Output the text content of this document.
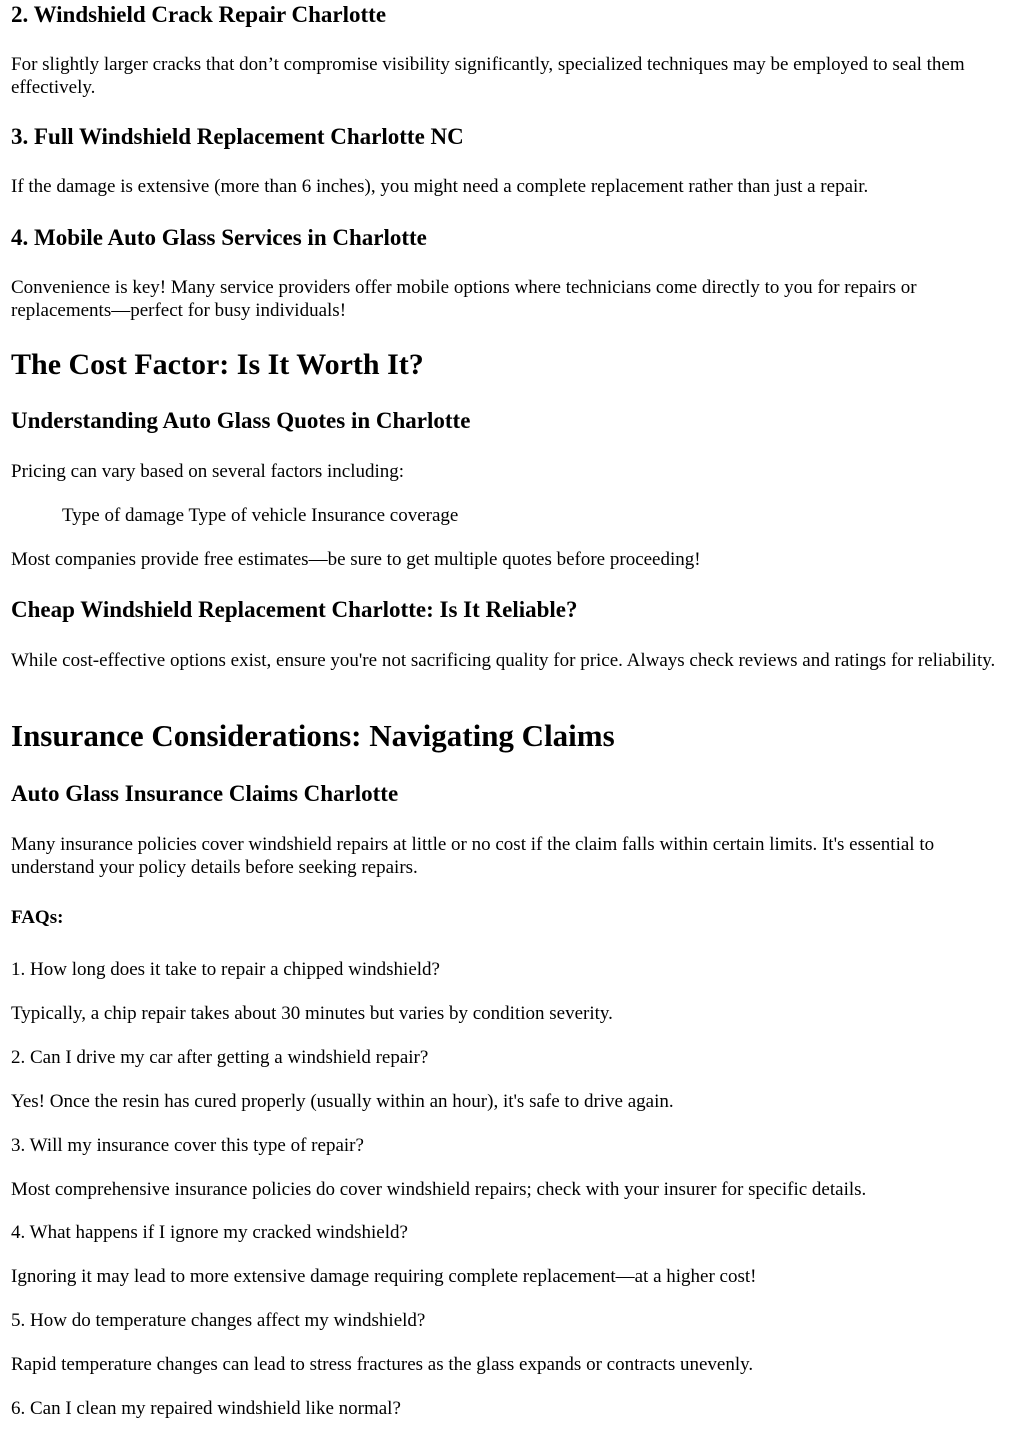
2. Windshield Crack Repair Charlotte

For slightly larger cracks that don’t compromise visibility significantly, specialized techniques may be employed to seal them effectively.

3. Full Windshield Replacement Charlotte NC

If the damage is extensive (more than 6 inches), you might need a complete replacement rather than just a repair.

4. Mobile Auto Glass Services in Charlotte

Convenience is key! Many service providers offer mobile options where technicians come directly to you for repairs or replacements—perfect for busy individuals!

The Cost Factor: Is It Worth It?
Understanding Auto Glass Quotes in Charlotte

Pricing can vary based on several factors including:

Type of damage Type of vehicle Insurance coverage

Most companies provide free estimates—be sure to get multiple quotes before proceeding!

Cheap Windshield Replacement Charlotte: Is It Reliable?

While cost-effective options exist, ensure you're not sacrificing quality for price. Always check reviews and ratings for reliability.

Insurance Considerations: Navigating Claims
Auto Glass Insurance Claims Charlotte

Many insurance policies cover windshield repairs at little or no cost if the claim falls within certain limits. It's essential to understand your policy details before seeking repairs.

FAQs:

1. How long does it take to repair a chipped windshield?

Typically, a chip repair takes about 30 minutes but varies by condition severity.

2. Can I drive my car after getting a windshield repair?

Yes! Once the resin has cured properly (usually within an hour), it's safe to drive again.

3. Will my insurance cover this type of repair?

Most comprehensive insurance policies do cover windshield repairs; check with your insurer for specific details.

4. What happens if I ignore my cracked windshield?

Ignoring it may lead to more extensive damage requiring complete replacement—at a higher cost!

5. How do temperature changes affect my windshield?

Rapid temperature changes can lead to stress fractures as the glass expands or contracts unevenly.

6. Can I clean my repaired windshield like normal?
